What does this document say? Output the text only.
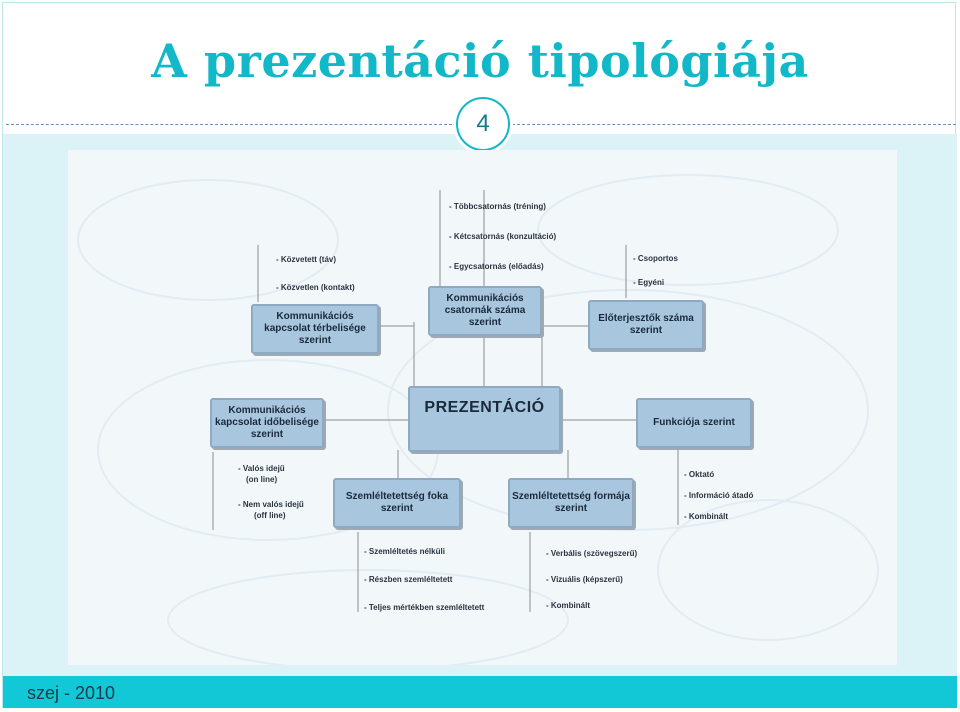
A prezentáció tipológiája
4
Kommunikációs kapcsolat térbelisége szerint
Kommunikációs csatornák száma szerint	Előterjesztők száma szerint
PREZENTÁCIÓ
Kommunikációs kapcsolat időbelisége szerint
Funkciója szerint
Szemléltetettség foka szerint
Szemléltetettség formája szerint
- Többcsatornás (tréning)
- Kétcsatornás (konzultáció)
- Egycsatornás (előadás)
- Közvetett (táv)
- Közvetlen (kontakt)
- Csoportos
- Egyéni
- Valós idejű
(on line)
- Nem valós idejű
(off line)
- Oktató
- Információ átadó
- Kombinált
- Szemléltetés nélküli
- Részben szemléltetett
- Teljes mértékben szemléltetett
- Verbális (szövegszerű)
- Vizuális (képszerű)
- Kombinált
szej - 2010
